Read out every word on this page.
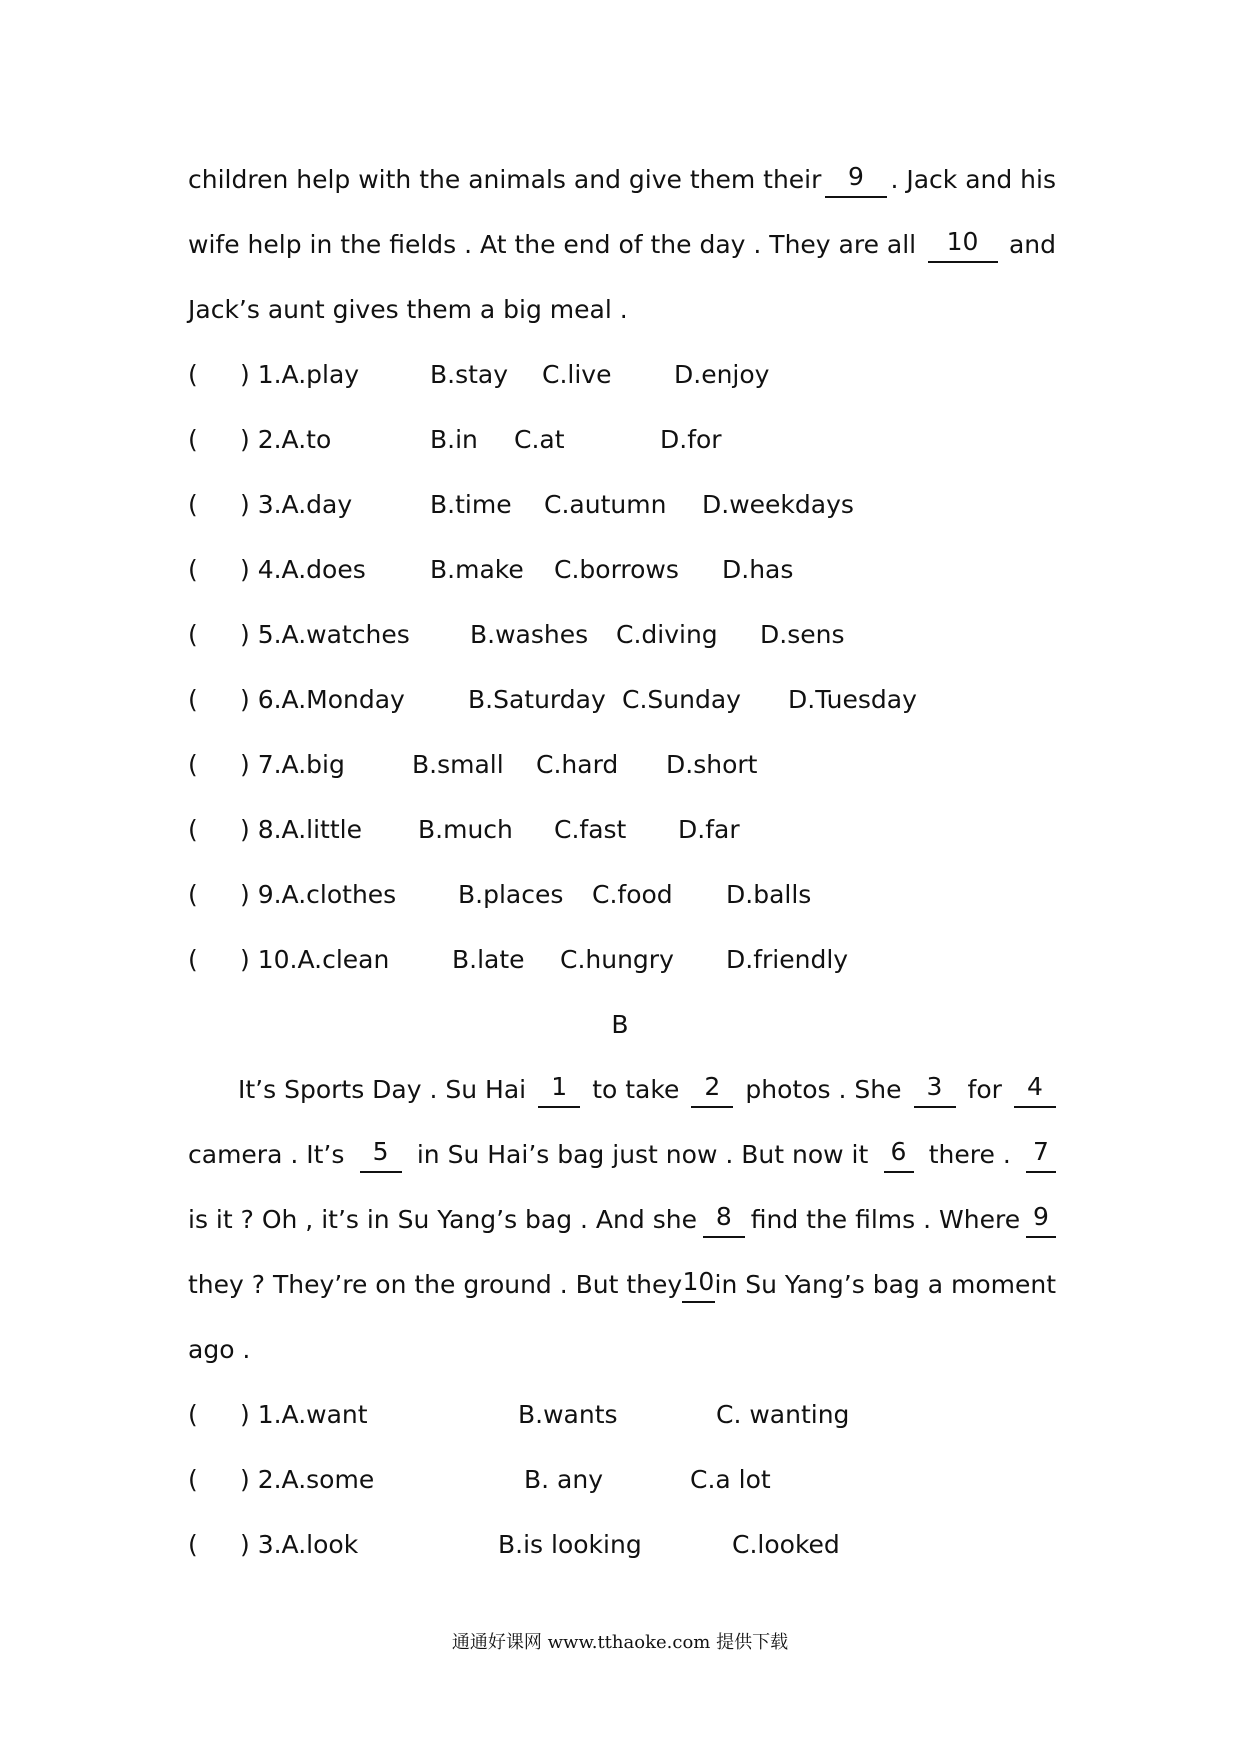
children help with the animals and give them their	9	. Jack and his
wife help in the fields . At the end of the day . They are all	10	and
Jack’s aunt gives them a big meal .
( ) 1.A.play	B.stay C.live	D.enjoy
( ) 2.A.to	B.in C.at	D.for
( ) 3.A.day	B.time C.autumn D.weekdays
( ) 4.A.does	B.make C.borrows D.has
( ) 5.A.watches B.washes C.diving D.sens
( ) 6.A.Monday	B.Saturday C.Sunday D.Tuesday
( ) 7.A.big	B.small C.hard D.short
( ) 8.A.little B.much C.fast D.far
( ) 9.A.clothes B.places C.food D.balls
( ) 10.A.clean	B.late C.hungry D.friendly
B
It’s Sports Day . Su Hai	1	to take	2	photos . She	3	for	4
camera . It’s	5	in Su Hai’s bag just now . But now it 6 there . 7
is it ? Oh , it’s in Su Yang’s bag . And she 8 find the films . Where 9
they ? They’re on the ground . But they 10 in Su Yang’s bag a moment
ago .
( ) 1.A.want	B.wants	C. wanting
( ) 2.A.some	B. any	C.a lot
( ) 3.A.look	B.is looking	C.looked
通通好课网 www.tthaoke.com 提供下载
